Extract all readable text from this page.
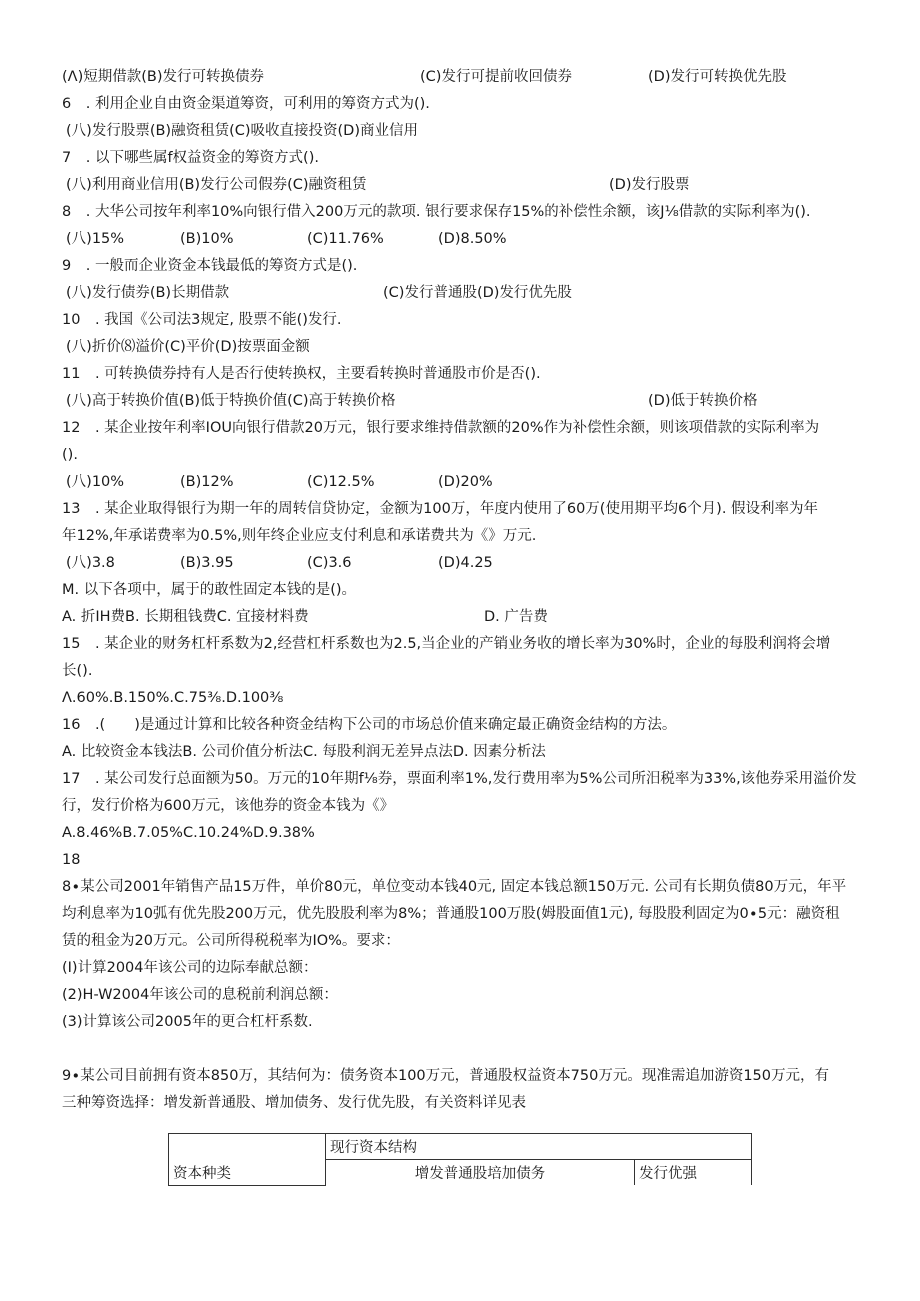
(Λ)短期借款(B)发行可转换债券	(C)发行可提前收回债券	(D)发行可转换优先股
6　. 利用企业自由资金渠道筹资，可利用的筹资方式为().
(八)发行股票(B)融资租赁(C)吸收直接投资(D)商业信用
7　. 以下哪些属f权益资金的筹资方式().
(八)利用商业信用(B)发行公司假券(C)融资租赁	(D)发行股票
8　. 大华公司按年利率10%向银行借入200万元的款项. 银行要求保存15%的补偿性余额，该J⅛借款的实际利率为().
(八)15%	(B)10%	(C)11.76%	(D)8.50%
9　. 一般而企业资金本钱最低的筹资方式是().
(八)发行债券(B)长期借款	(C)发行普通股(D)发行优先股
10　. 我国《公司法3规定, 股票不能()发行.
(八)折价⑻溢价(C)平价(D)按票面金额
11　. 可转换债券持有人是否行使转换权，主要看转换时普通股市价是否().
(八)高于转换价值(B)低于特换价值(C)高于转换价格	(D)低于转换价格
12　. 某企业按年利率IOU向银行借款20万元，银行要求维持借款额的20%作为补偿性余额，则该项借款的实际利率为
().
(八)10%	(B)12%	(C)12.5%	(D)20%
13　. 某企业取得银行为期一年的周转信贷协定，金额为100万，年度内使用了60万(使用期平均6个月). 假设利率为年
年12%,年承诺费率为0.5%,则年终企业应支付利息和承诺费共为《》万元.
(八)3.8	(B)3.95	(C)3.6	(D)4.25
M. 以下各项中，属于的敢性固定本钱的是()。
A. 折IH费B. 长期租钱费C. 宜接材料费	D. 广告费
15　. 某企业的财务杠杆系数为2,经营杠杆系数也为2.5,当企业的产销业务收的增长率为30%时，企业的每股利润将会增
长().
Λ.60%.B.150%.C.75⅜.D.100⅜
16　.(　　)是通过计算和比较各种资金结构下公司的市场总价值来确定最正确资金结构的方法。
A. 比较资金本钱法B. 公司价值分析法C. 每股利润无差异点法D. 因素分析法
17　. 某公司发行总面额为50。万元的10年期f⅛券，票面利率1%,发行费用率为5%公司所汨税率为33%,该他券采用溢价发
行，发行价格为600万元，该他券的资金本钱为《》
A.8.46%B.7.05%C.10.24%D.9.38%
18
8∙某公司2001年销售产品15万件，单价80元，单位变动本钱40元, 固定本钱总额150万元. 公司有长期负债80万元，年平
均利息率为10弧有优先股200万元，优先股股利率为8%；普通股100万股(姆股面值1元), 每股股利固定为0∙5元：融资租
赁的租金为20万元。公司所得税税率为IO%。要求：
(I)计算2004年该公司的边际奉献总额：
(2)H-W2004年该公司的息税前利润总额：
(3)计算该公司2005年的更合杠杆系数.
9∙某公司目前拥有资本850万，其结何为：债务资本100万元，普通股权益资本750万元。现准需追加游资150万元，有
三种筹资选择：增发新普通股、增加债务、发行优先股，有关资料详见表
资本种类	现行资本结构	
	增发普通股培加债务	发行优强
